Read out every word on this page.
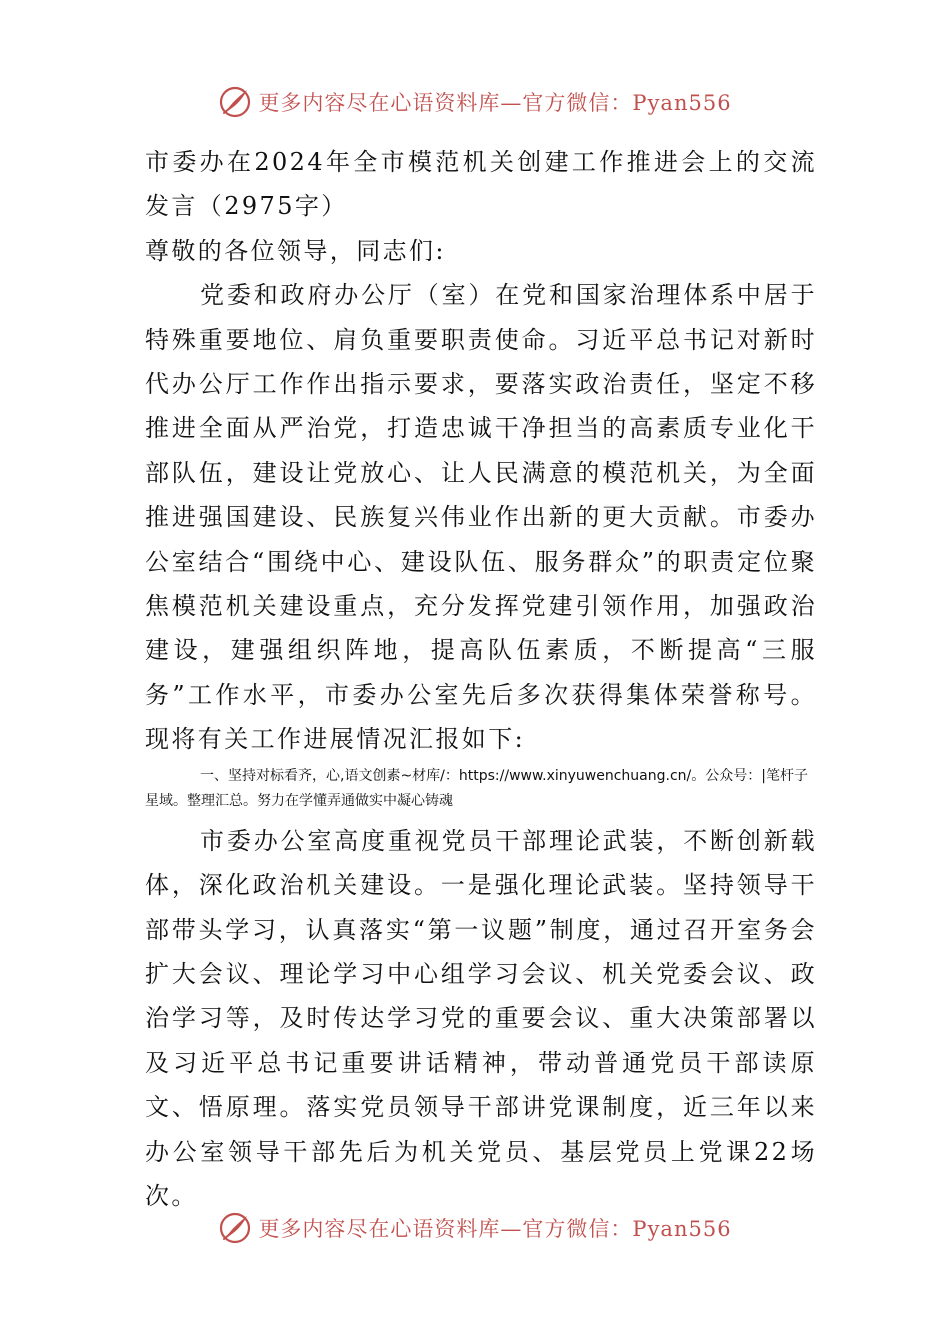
更多内容尽在心语资料库—官方微信：Pyan556

市委办在2024年全市模范机关创建工作推进会上的交流发言（2975字）

尊敬的各位领导，同志们:

党委和政府办公厅（室）在党和国家治理体系中居于特殊重要地位、肩负重要职责使命。习近平总书记对新时代办公厅工作作出指示要求，要落实政治责任，坚定不移推进全面从严治党，打造忠诚干净担当的高素质专业化干部队伍，建设让党放心、让人民满意的模范机关，为全面推进强国建设、民族复兴伟业作出新的更大贡献。市委办公室结合“围绕中心、建设队伍、服务群众”的职责定位聚焦模范机关建设重点，充分发挥党建引领作用，加强政治建设，建强组织阵地，提高队伍素质，不断提高“三服务”工作水平，市委办公室先后多次获得集体荣誉称号。现将有关工作进展情况汇报如下:

一、坚持对标看齐，心,语文创素~材库/：https://www.xinyuwenchuang.cn/。公众号：|笔杆子星域。整理汇总。努力在学懂弄通做实中凝心铸魂

市委办公室高度重视党员干部理论武装，不断创新载体，深化政治机关建设。一是强化理论武装。坚持领导干部带头学习，认真落实“第一议题”制度，通过召开室务会扩大会议、理论学习中心组学习会议、机关党委会议、政治学习等，及时传达学习党的重要会议、重大决策部署以及习近平总书记重要讲话精神，带动普通党员干部读原文、悟原理。落实党员领导干部讲党课制度，近三年以来办公室领导干部先后为机关党员、基层党员上党课22场次。

更多内容尽在心语资料库—官方微信：Pyan556
